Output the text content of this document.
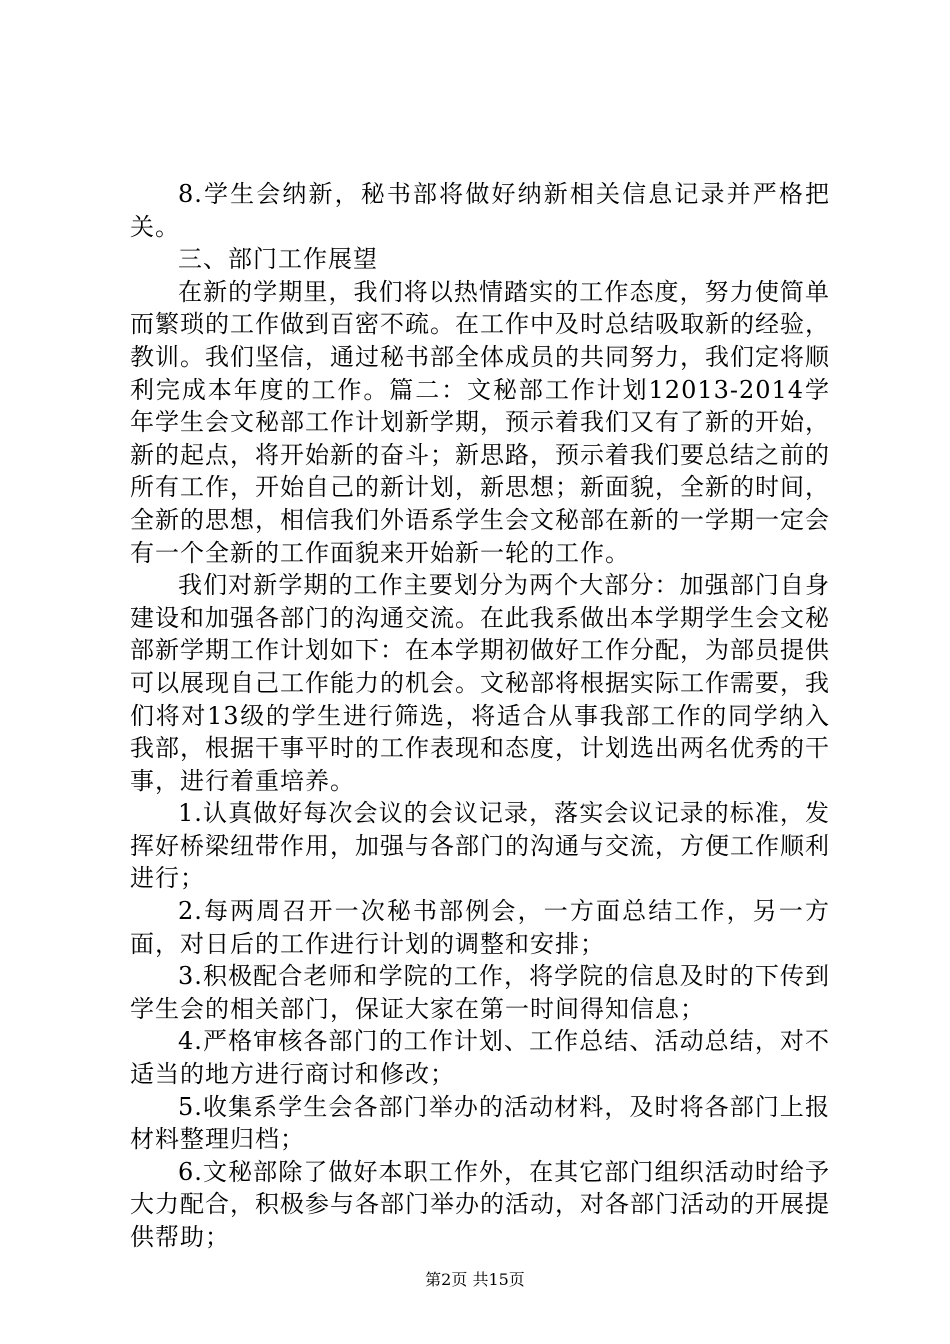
8.学生会纳新，秘书部将做好纳新相关信息记录并严格把关。

三、部门工作展望

在新的学期里，我们将以热情踏实的工作态度，努力使简单而繁琐的工作做到百密不疏。在工作中及时总结吸取新的经验，教训。我们坚信，通过秘书部全体成员的共同努力，我们定将顺利完成本年度的工作。篇二：文秘部工作计划12013-2014学年学生会文秘部工作计划新学期，预示着我们又有了新的开始，新的起点，将开始新的奋斗；新思路，预示着我们要总结之前的所有工作，开始自己的新计划，新思想；新面貌，全新的时间，全新的思想，相信我们外语系学生会文秘部在新的一学期一定会有一个全新的工作面貌来开始新一轮的工作。

我们对新学期的工作主要划分为两个大部分：加强部门自身建设和加强各部门的沟通交流。在此我系做出本学期学生会文秘部新学期工作计划如下：在本学期初做好工作分配，为部员提供可以展现自己工作能力的机会。文秘部将根据实际工作需要，我们将对13级的学生进行筛选，将适合从事我部工作的同学纳入我部，根据干事平时的工作表现和态度，计划选出两名优秀的干事，进行着重培养。

1.认真做好每次会议的会议记录，落实会议记录的标准，发挥好桥梁纽带作用，加强与各部门的沟通与交流，方便工作顺利进行；

2.每两周召开一次秘书部例会，一方面总结工作，另一方面，对日后的工作进行计划的调整和安排；

3.积极配合老师和学院的工作，将学院的信息及时的下传到学生会的相关部门，保证大家在第一时间得知信息；

4.严格审核各部门的工作计划、工作总结、活动总结，对不适当的地方进行商讨和修改；

5.收集系学生会各部门举办的活动材料，及时将各部门上报材料整理归档；

6.文秘部除了做好本职工作外，在其它部门组织活动时给予大力配合，积极参与各部门举办的活动，对各部门活动的开展提供帮助；

第2页 共15页
